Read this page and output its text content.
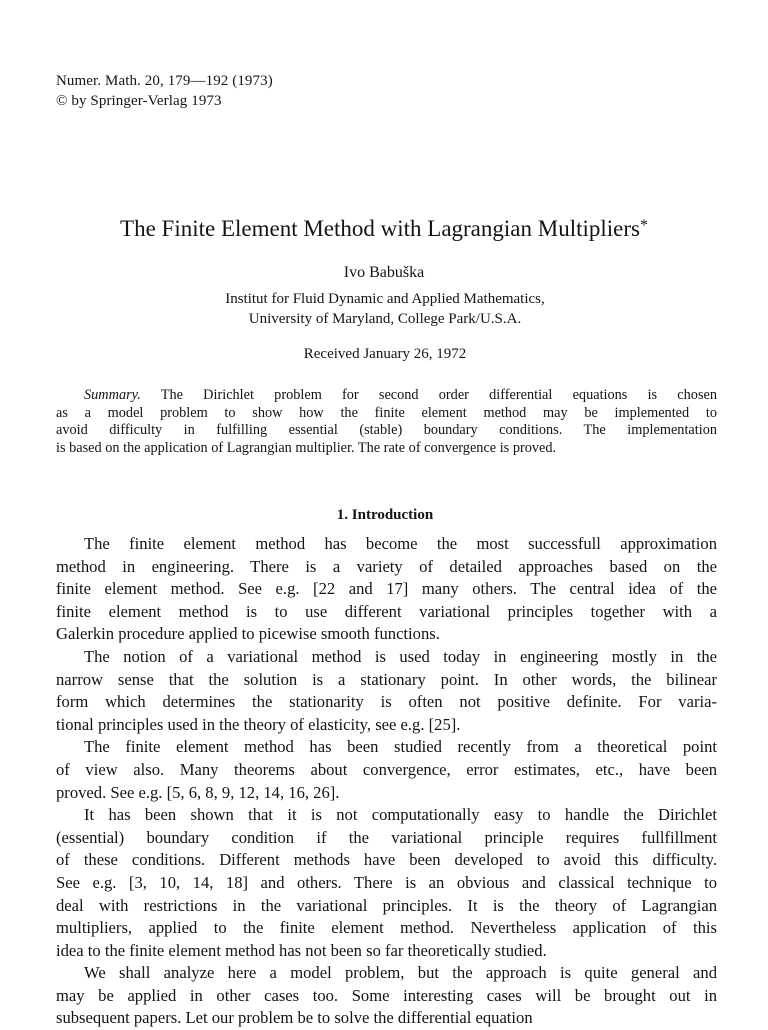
Numer. Math. 20, 179—192 (1973)
© by Springer-Verlag 1973
The Finite Element Method with Lagrangian Multipliers*
Ivo Babuška
Institut for Fluid Dynamic and Applied Mathematics,
University of Maryland, College Park/U.S.A.
Received January 26, 1972
Summary. The Dirichlet problem for second order differential equations is chosen
as a model problem to show how the finite element method may be implemented to
avoid difficulty in fulfilling essential (stable) boundary conditions. The implementation
is based on the application of Lagrangian multiplier. The rate of convergence is proved.
1. Introduction
The finite element method has become the most successfull approximation
method in engineering. There is a variety of detailed approaches based on the
finite element method. See e.g. [22 and 17] many others. The central idea of the
finite element method is to use different variational principles together with a
Galerkin procedure applied to picewise smooth functions.
The notion of a variational method is used today in engineering mostly in the
narrow sense that the solution is a stationary point. In other words, the bilinear
form which determines the stationarity is often not positive definite. For varia-
tional principles used in the theory of elasticity, see e.g. [25].
The finite element method has been studied recently from a theoretical point
of view also. Many theorems about convergence, error estimates, etc., have been
proved. See e.g. [5, 6, 8, 9, 12, 14, 16, 26].
It has been shown that it is not computationally easy to handle the Dirichlet
(essential) boundary condition if the variational principle requires fullfillment
of these conditions. Different methods have been developed to avoid this difficulty.
See e.g. [3, 10, 14, 18] and others. There is an obvious and classical technique to
deal with restrictions in the variational principles. It is the theory of Lagrangian
multipliers, applied to the finite element method. Nevertheless application of this
idea to the finite element method has not been so far theoretically studied.
We shall analyze here a model problem, but the approach is quite general and
may be applied in other cases too. Some interesting cases will be brought out in
subsequent papers. Let our problem be to solve the differential equation
